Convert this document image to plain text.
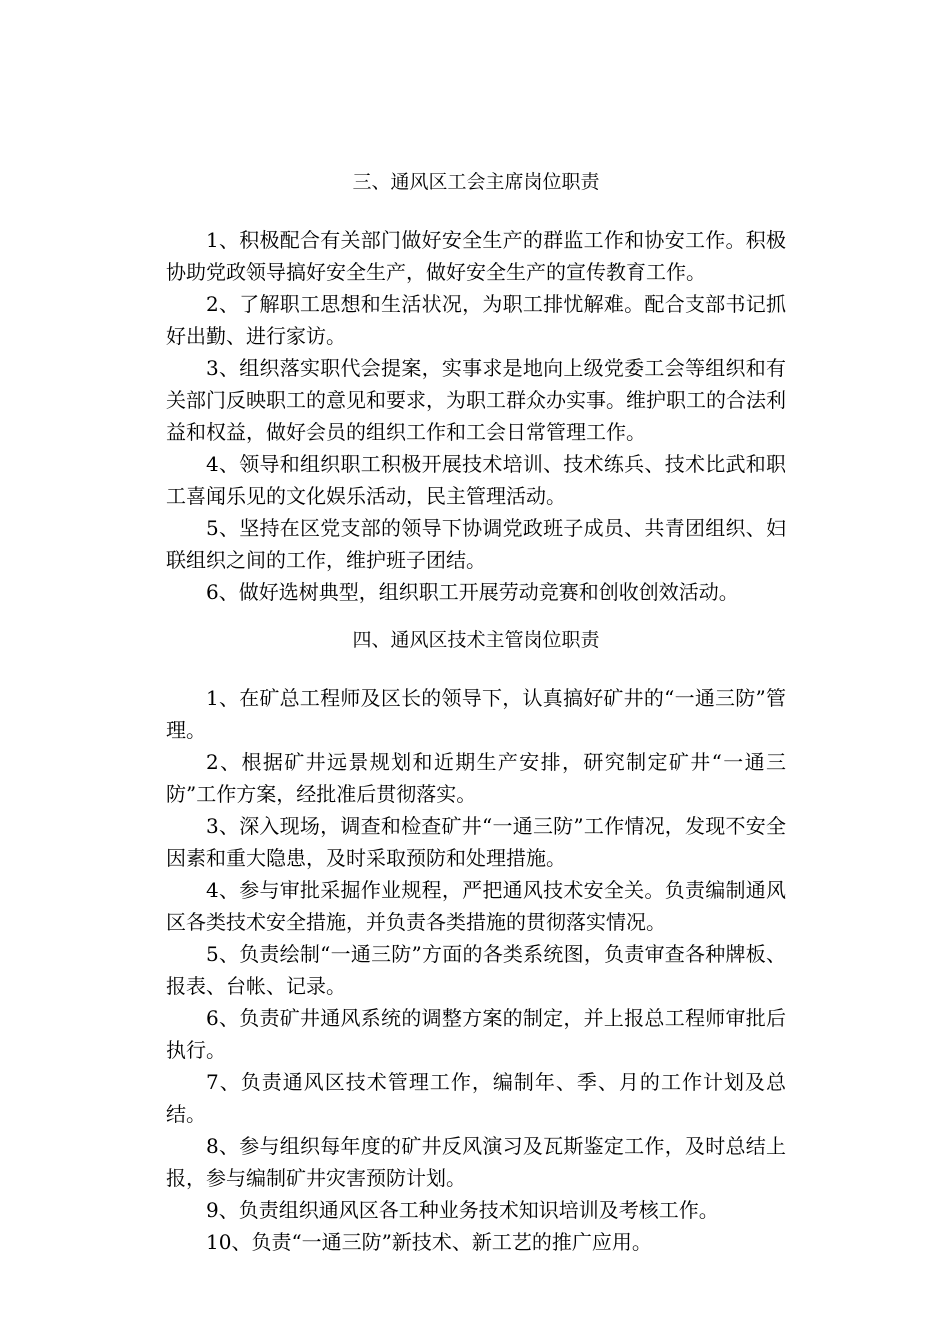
三、通风区工会主席岗位职责

1、积极配合有关部门做好安全生产的群监工作和协安工作。积极协助党政领导搞好安全生产，做好安全生产的宣传教育工作。

2、了解职工思想和生活状况，为职工排忧解难。配合支部书记抓好出勤、进行家访。

3、组织落实职代会提案，实事求是地向上级党委工会等组织和有关部门反映职工的意见和要求，为职工群众办实事。维护职工的合法利益和权益，做好会员的组织工作和工会日常管理工作。

4、领导和组织职工积极开展技术培训、技术练兵、技术比武和职工喜闻乐见的文化娱乐活动，民主管理活动。

5、坚持在区党支部的领导下协调党政班子成员、共青团组织、妇联组织之间的工作，维护班子团结。

6、做好选树典型，组织职工开展劳动竞赛和创收创效活动。

四、通风区技术主管岗位职责

1、在矿总工程师及区长的领导下，认真搞好矿井的“一通三防”管理。

2、根据矿井远景规划和近期生产安排，研究制定矿井“一通三防”工作方案，经批准后贯彻落实。

3、深入现场，调查和检查矿井“一通三防”工作情况，发现不安全因素和重大隐患，及时采取预防和处理措施。

4、参与审批采掘作业规程，严把通风技术安全关。负责编制通风区各类技术安全措施，并负责各类措施的贯彻落实情况。

5、负责绘制“一通三防”方面的各类系统图，负责审查各种牌板、报表、台帐、记录。

6、负责矿井通风系统的调整方案的制定，并上报总工程师审批后执行。

7、负责通风区技术管理工作，编制年、季、月的工作计划及总结。

8、参与组织每年度的矿井反风演习及瓦斯鉴定工作，及时总结上报，参与编制矿井灾害预防计划。

9、负责组织通风区各工种业务技术知识培训及考核工作。

10、负责“一通三防”新技术、新工艺的推广应用。
